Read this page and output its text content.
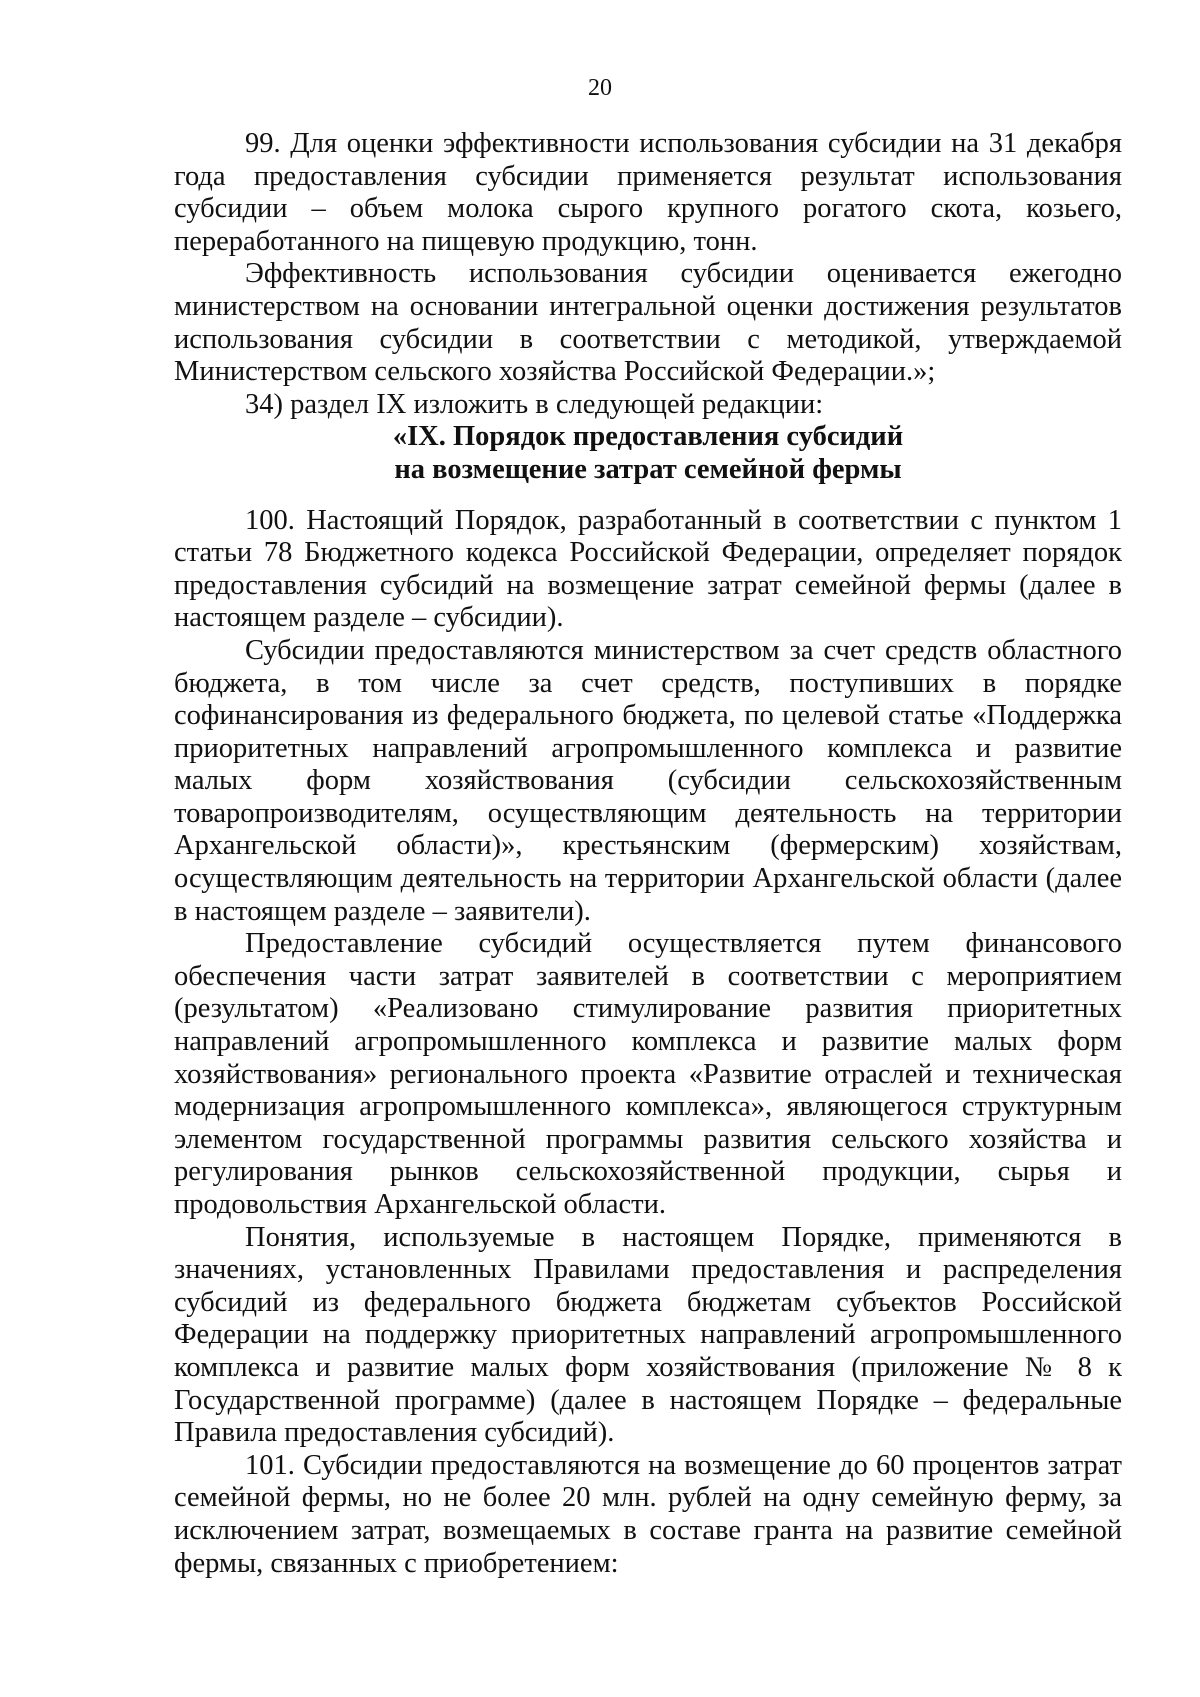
20

99. Для оценки эффективности использования субсидии на 31 декабря года предоставления субсидии применяется результат использования субсидии – объем молока сырого крупного рогатого скота, козьего, переработанного на пищевую продукцию, тонн.

Эффективность использования субсидии оценивается ежегодно министерством на основании интегральной оценки достижения результатов использования субсидии в соответствии с методикой, утверждаемой Министерством сельского хозяйства Российской Федерации.»;

34) раздел IX изложить в следующей редакции:

«IX. Порядок предоставления субсидий
на возмещение затрат семейной фермы

100. Настоящий Порядок, разработанный в соответствии с пунктом 1 статьи 78 Бюджетного кодекса Российской Федерации, определяет порядок предоставления субсидий на возмещение затрат семейной фермы (далее в настоящем разделе – субсидии).

Субсидии предоставляются министерством за счет средств областного бюджета, в том числе за счет средств, поступивших в порядке софинансирования из федерального бюджета, по целевой статье «Поддержка приоритетных направлений агропромышленного комплекса и развитие малых форм хозяйствования (субсидии сельскохозяйственным товаропроизводителям, осуществляющим деятельность на территории Архангельской области)», крестьянским (фермерским) хозяйствам, осуществляющим деятельность на территории Архангельской области (далее в настоящем разделе – заявители).

Предоставление субсидий осуществляется путем финансового обеспечения части затрат заявителей в соответствии с мероприятием (результатом) «Реализовано стимулирование развития приоритетных направлений агропромышленного комплекса и развитие малых форм хозяйствования» регионального проекта «Развитие отраслей и техническая модернизация агропромышленного комплекса», являющегося структурным элементом государственной программы развития сельского хозяйства и регулирования рынков сельскохозяйственной продукции, сырья и продовольствия Архангельской области.

Понятия, используемые в настоящем Порядке, применяются в значениях, установленных Правилами предоставления и распределения субсидий из федерального бюджета бюджетам субъектов Российской Федерации на поддержку приоритетных направлений агропромышленного комплекса и развитие малых форм хозяйствования (приложение № 8 к Государственной программе) (далее в настоящем Порядке – федеральные Правила предоставления субсидий).

101. Субсидии предоставляются на возмещение до 60 процентов затрат семейной фермы, но не более 20 млн. рублей на одну семейную ферму, за исключением затрат, возмещаемых в составе гранта на развитие семейной фермы, связанных с приобретением:
